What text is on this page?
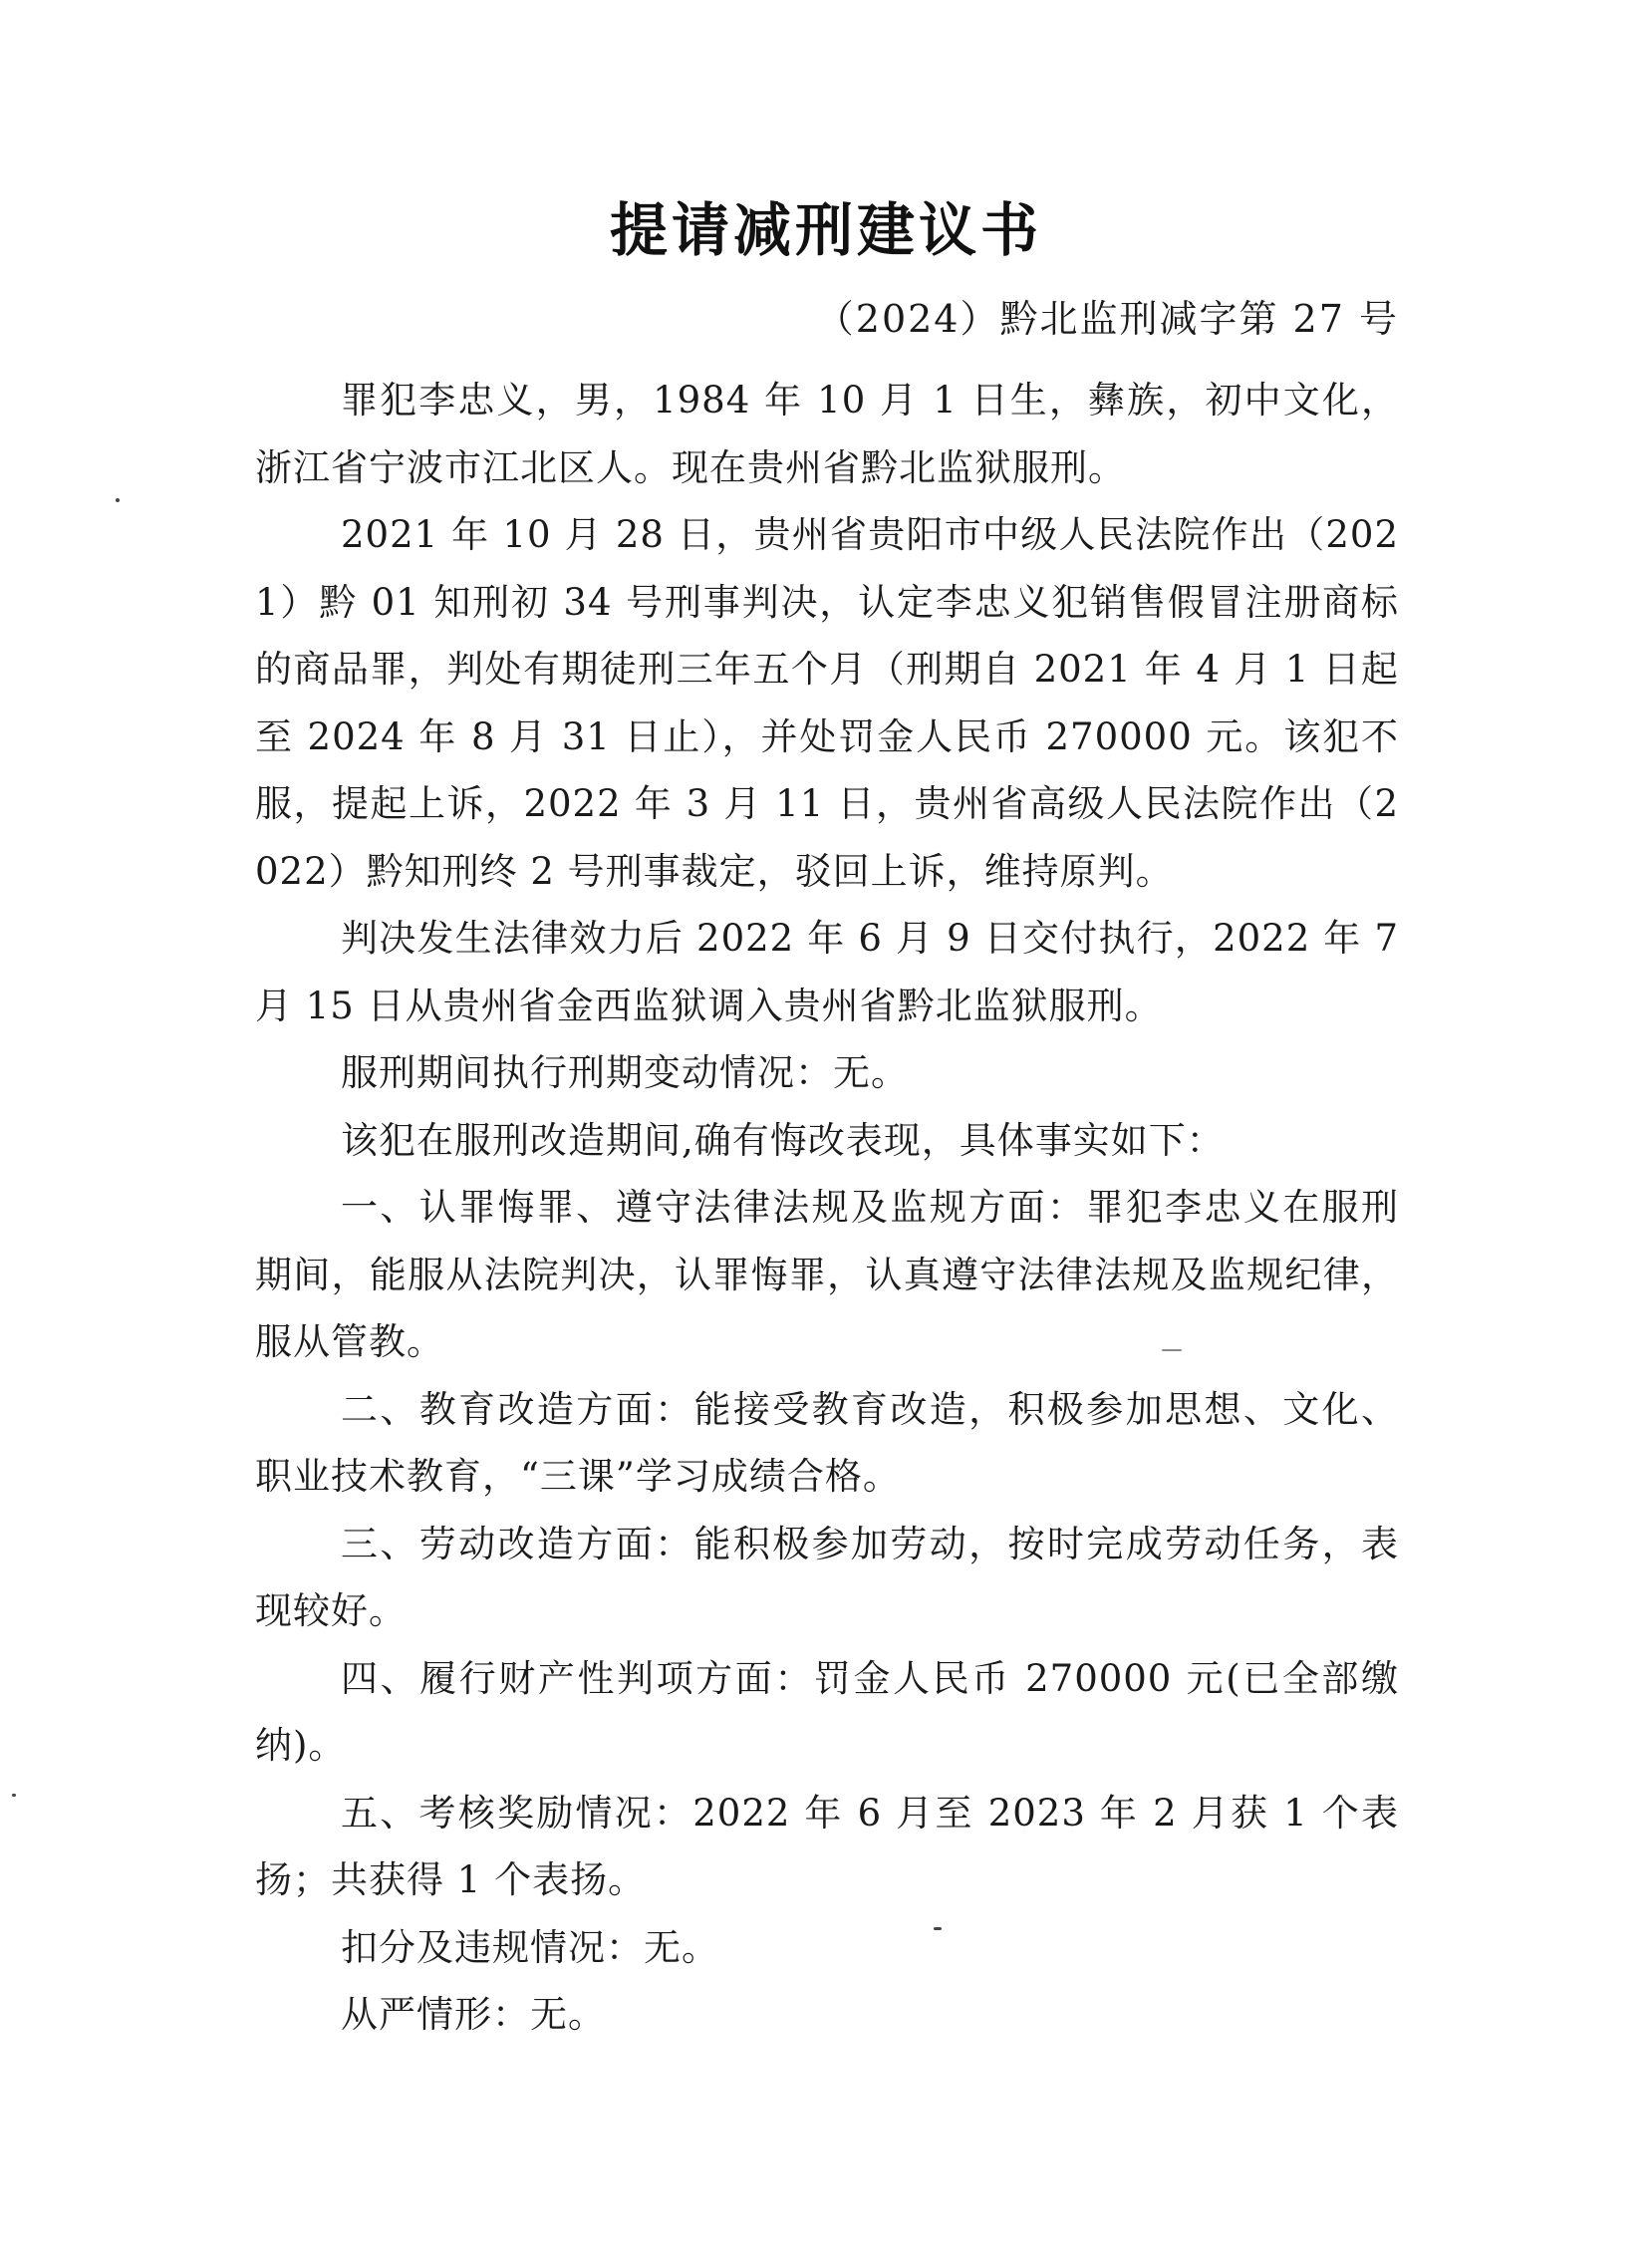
提请减刑建议书
（2024）黔北监刑减字第 27 号

罪犯李忠义，男，1984 年 10 月 1 日生，彝族，初中文化，浙江省宁波市江北区人。现在贵州省黔北监狱服刑。

2021 年 10 月 28 日，贵州省贵阳市中级人民法院作出（2021）黔 01 知刑初 34 号刑事判决，认定李忠义犯销售假冒注册商标的商品罪，判处有期徒刑三年五个月（刑期自 2021 年 4 月 1 日起至 2024 年 8 月 31 日止），并处罚金人民币 270000 元。该犯不服，提起上诉，2022 年 3 月 11 日，贵州省高级人民法院作出（2022）黔知刑终 2 号刑事裁定，驳回上诉，维持原判。

判决发生法律效力后 2022 年 6 月 9 日交付执行，2022 年 7 月 15 日从贵州省金西监狱调入贵州省黔北监狱服刑。

服刑期间执行刑期变动情况：无。

该犯在服刑改造期间,确有悔改表现，具体事实如下：

一、认罪悔罪、遵守法律法规及监规方面：罪犯李忠义在服刑期间，能服从法院判决，认罪悔罪，认真遵守法律法规及监规纪律，服从管教。

二、教育改造方面：能接受教育改造，积极参加思想、文化、职业技术教育，“三课”学习成绩合格。

三、劳动改造方面：能积极参加劳动，按时完成劳动任务，表现较好。

四、履行财产性判项方面：罚金人民币 270000 元(已全部缴纳)。

五、考核奖励情况：2022 年 6 月至 2023 年 2 月获 1 个表扬；共获得 1 个表扬。

扣分及违规情况：无。

从严情形：无。
